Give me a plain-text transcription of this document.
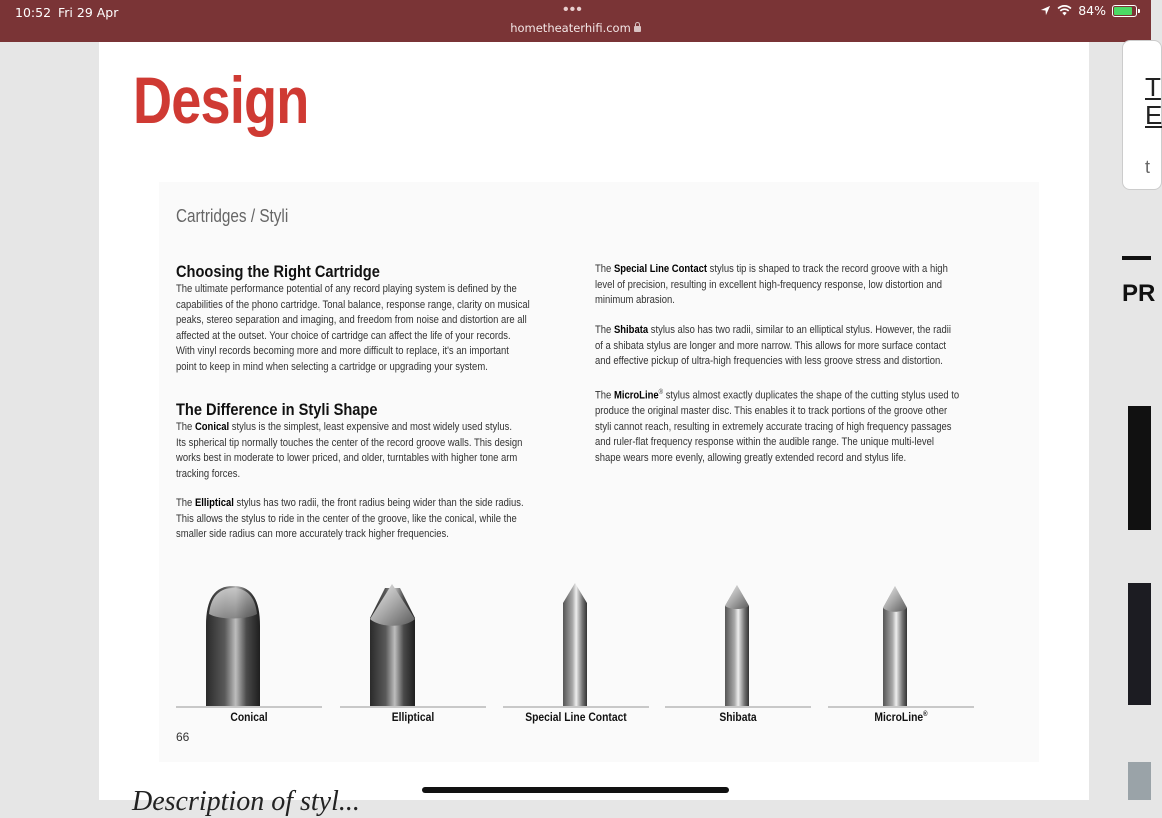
10:52 Fri 29 Apr	•••
hometheaterhifi.com
84%
Design
Cartridges / Styli
Choosing the Right Cartridge
The ultimate performance potential of any record playing system is defined by the
capabilities of the phono cartridge. Tonal balance, response range, clarity on musical
peaks, stereo separation and imaging, and freedom from noise and distortion are all
affected at the outset. Your choice of cartridge can affect the life of your records.
With vinyl records becoming more and more difficult to replace, it's an important
point to keep in mind when selecting a cartridge or upgrading your system.
The Difference in Styli Shape
The Conical stylus is the simplest, least expensive and most widely used stylus.
Its spherical tip normally touches the center of the record groove walls. This design
works best in moderate to lower priced, and older, turntables with higher tone arm
tracking forces.
The Elliptical stylus has two radii, the front radius being wider than the side radius.
This allows the stylus to ride in the center of the groove, like the conical, while the
smaller side radius can more accurately track higher frequencies.
The Special Line Contact stylus tip is shaped to track the record groove with a high
level of precision, resulting in excellent high-frequency response, low distortion and
minimum abrasion.
The Shibata stylus also has two radii, similar to an elliptical stylus. However, the radii
of a shibata stylus are longer and more narrow. This allows for more surface contact
and effective pickup of ultra-high frequencies with less groove stress and distortion.
The MicroLine® stylus almost exactly duplicates the shape of the cutting stylus used to
produce the original master disc. This enables it to track portions of the groove other
styli cannot reach, resulting in extremely accurate tracing of high frequency passages
and ruler-flat frequency response within the audible range. The unique multi-level
shape wears more evenly, allowing greatly extended record and stylus life.
Conical	Elliptical	Special Line Contact	Shibata	MicroLine®
66
Description of styl...
T
E
t
PR
